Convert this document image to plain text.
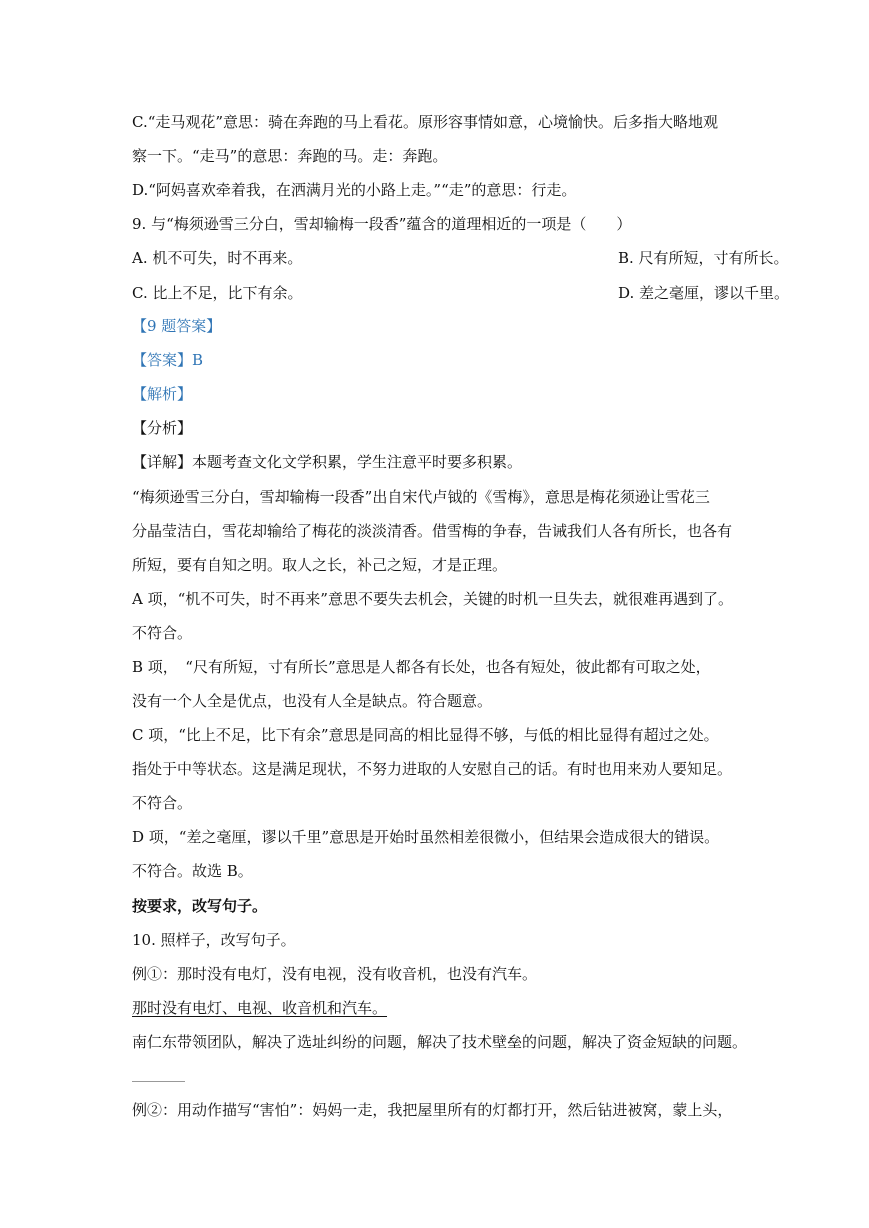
C.“走马观花”意思：骑在奔跑的马上看花。原形容事情如意，心境愉快。后多指大略地观
察一下。“走马”的意思：奔跑的马。走：奔跑。
D.“阿妈喜欢牵着我，在洒满月光的小路上走。”“走”的意思：行走。
9. 与“梅须逊雪三分白，雪却输梅一段香”蕴含的道理相近的一项是（　　）
A. 机不可失，时不再来。	B. 尺有所短，寸有所长。
C. 比上不足，比下有余。	D. 差之毫厘，谬以千里。
【9 题答案】
【答案】B
【解析】
【分析】
【详解】本题考查文化文学积累，学生注意平时要多积累。
“梅须逊雪三分白，雪却输梅一段香”出自宋代卢钺的《雪梅》，意思是梅花须逊让雪花三
分晶莹洁白，雪花却输给了梅花的淡淡清香。借雪梅的争春，告诫我们人各有所长，也各有
所短，要有自知之明。取人之长，补己之短，才是正理。
A 项，“机不可失，时不再来”意思不要失去机会，关键的时机一旦失去，就很难再遇到了。
不符合。
B 项，　“尺有所短，寸有所长”意思是人都各有长处，也各有短处，彼此都有可取之处，
没有一个人全是优点，也没有人全是缺点。符合题意。
C 项，“比上不足，比下有余”意思是同高的相比显得不够，与低的相比显得有超过之处。
指处于中等状态。这是满足现状，不努力进取的人安慰自己的话。有时也用来劝人要知足。
不符合。
D 项，“差之毫厘，谬以千里”意思是开始时虽然相差很微小，但结果会造成很大的错误。
不符合。故选 B。
按要求，改写句子。
10. 照样子，改写句子。
例①：那时没有电灯，没有电视，没有收音机，也没有汽车。
那时没有电灯、电视、收音机和汽车。
南仁东带领团队，解决了选址纠纷的问题，解决了技术壁垒的问题，解决了资金短缺的问题。
例②：用动作描写“害怕”：妈妈一走，我把屋里所有的灯都打开，然后钻进被窝，蒙上头，
